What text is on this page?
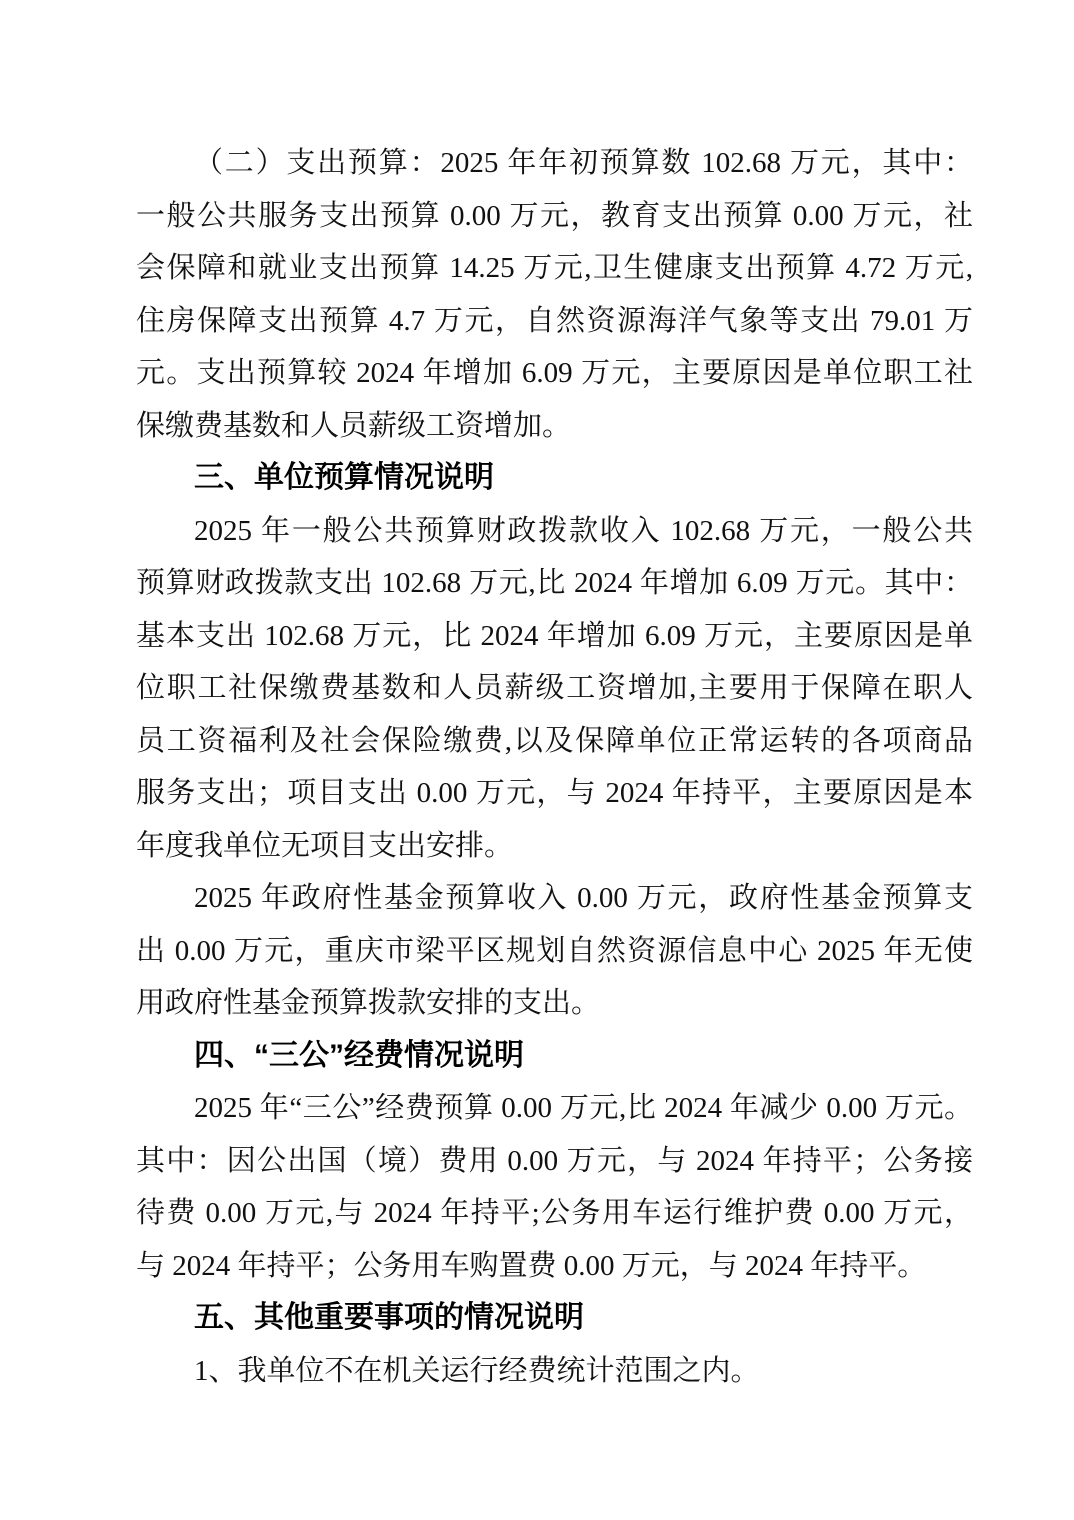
（二）支出预算：2025 年年初预算数 102.68 万元，其中：
一般公共服务支出预算 0.00 万元，教育支出预算 0.00 万元，社
会保障和就业支出预算 14.25 万元,卫生健康支出预算 4.72 万元,
住房保障支出预算 4.7 万元，自然资源海洋气象等支出 79.01 万
元。支出预算较 2024 年增加 6.09 万元，主要原因是单位职工社
保缴费基数和人员薪级工资增加。
三、单位预算情况说明
2025 年一般公共预算财政拨款收入 102.68 万元，一般公共
预算财政拨款支出 102.68 万元,比 2024 年增加 6.09 万元。其中：
基本支出 102.68 万元，比 2024 年增加 6.09 万元，主要原因是单
位职工社保缴费基数和人员薪级工资增加,主要用于保障在职人
员工资福利及社会保险缴费,以及保障单位正常运转的各项商品
服务支出；项目支出 0.00 万元，与 2024 年持平，主要原因是本
年度我单位无项目支出安排。
2025 年政府性基金预算收入 0.00 万元，政府性基金预算支
出 0.00 万元，重庆市梁平区规划自然资源信息中心 2025 年无使
用政府性基金预算拨款安排的支出。
四、“三公”经费情况说明
2025 年“三公”经费预算 0.00 万元,比 2024 年减少 0.00 万元。
其中：因公出国（境）费用 0.00 万元，与 2024 年持平；公务接
待费 0.00 万元,与 2024 年持平;公务用车运行维护费 0.00 万元，
与 2024 年持平；公务用车购置费 0.00 万元，与 2024 年持平。
五、其他重要事项的情况说明
1、我单位不在机关运行经费统计范围之内。
